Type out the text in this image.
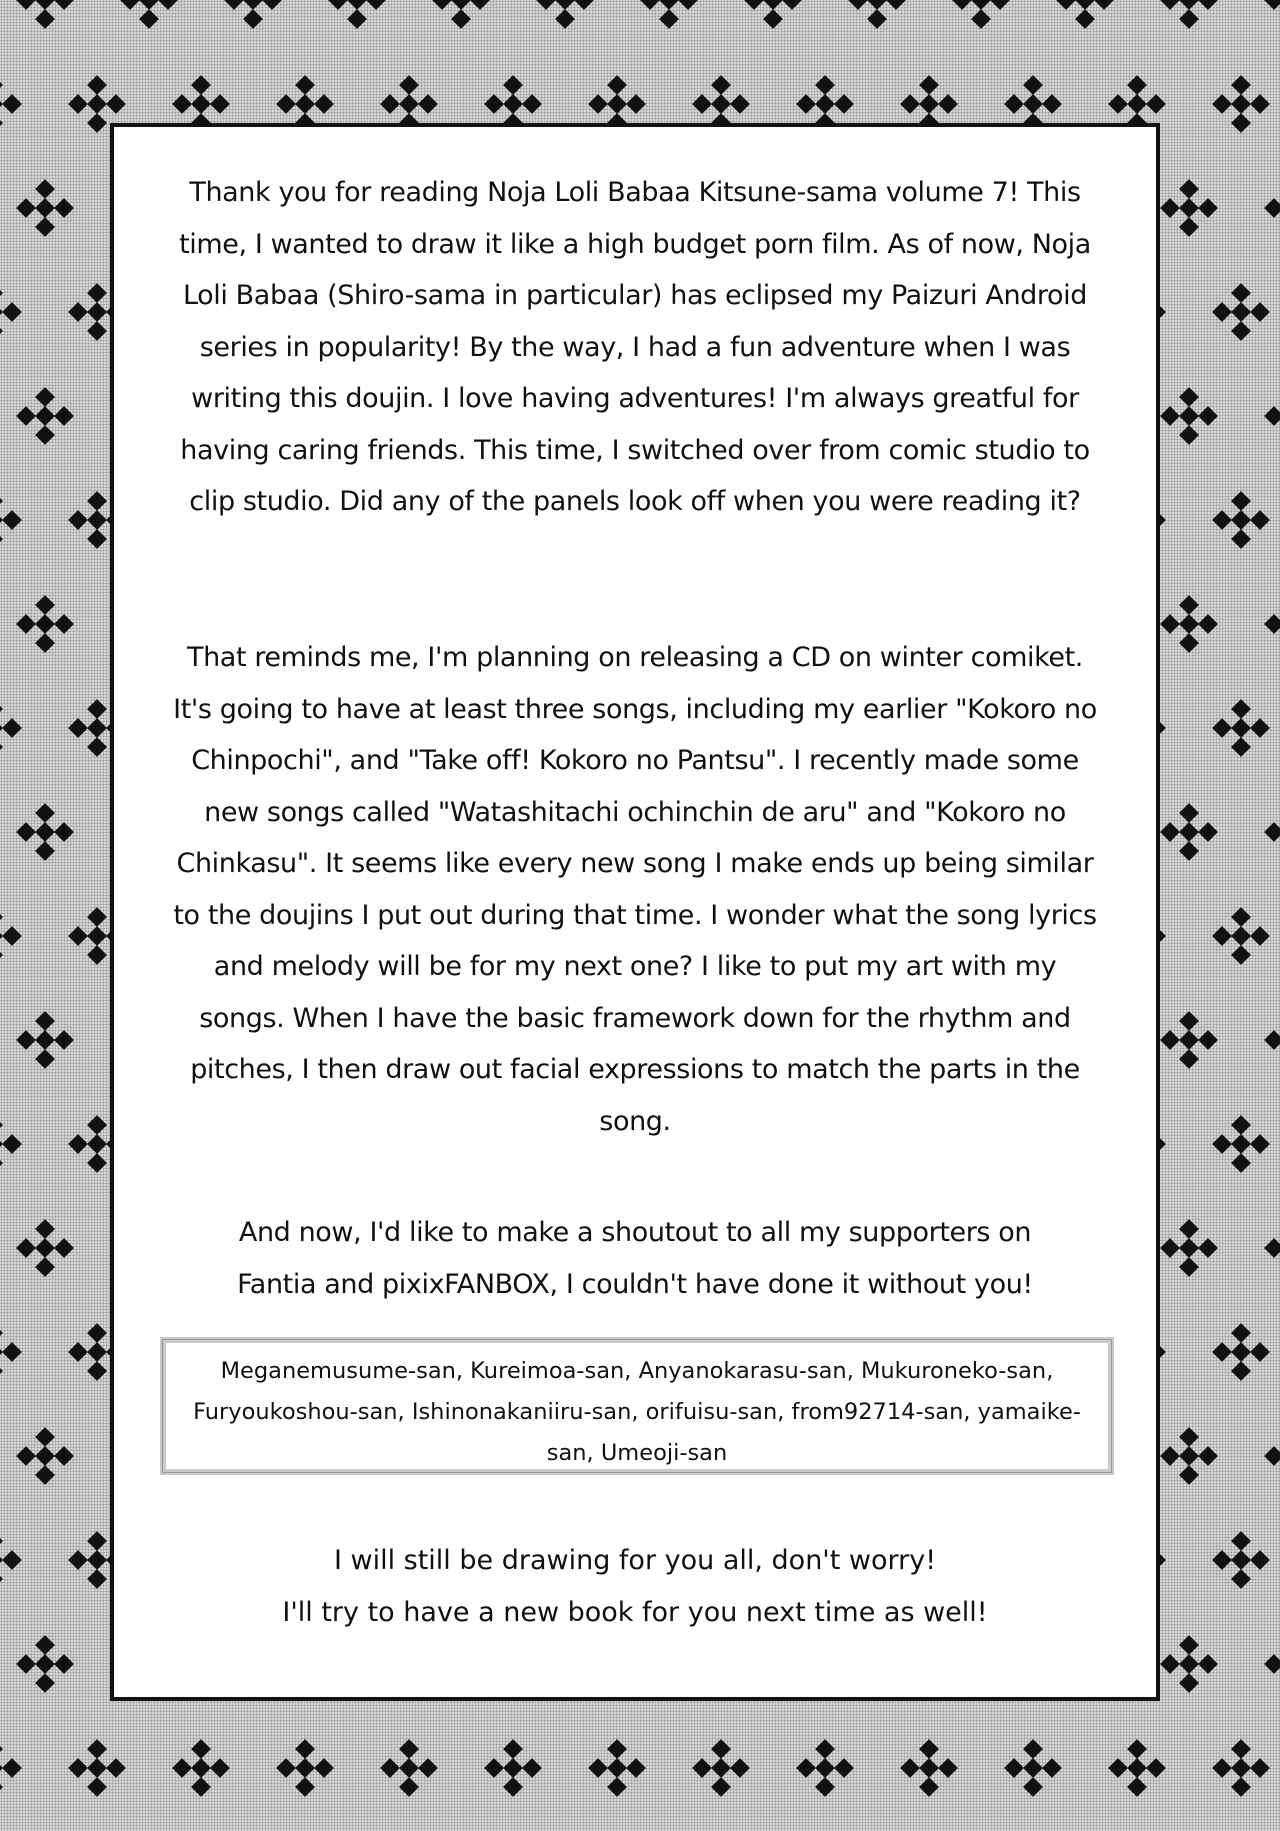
Thank you for reading Noja Loli Babaa Kitsune-sama volume 7! This time, I wanted to draw it like a high budget porn film. As of now, Noja Loli Babaa (Shiro-sama in particular) has eclipsed my Paizuri Android series in popularity! By the way, I had a fun adventure when I was writing this doujin. I love having adventures! I'm always greatful for having caring friends. This time, I switched over from comic studio to clip studio. Did any of the panels look off when you were reading it?
That reminds me, I'm planning on releasing a CD on winter comiket. It's going to have at least three songs, including my earlier "Kokoro no Chinpochi", and "Take off! Kokoro no Pantsu". I recently made some new songs called "Watashitachi ochinchin de aru" and "Kokoro no Chinkasu". It seems like every new song I make ends up being similar to the doujins I put out during that time. I wonder what the song lyrics and melody will be for my next one? I like to put my art with my songs. When I have the basic framework down for the rhythm and pitches, I then draw out facial expressions to match the parts in the song.
And now, I'd like to make a shoutout to all my supporters on Fantia and pixixFANBOX, I couldn't have done it without you!
Meganemusume-san, Kureimoa-san, Anyanokarasu-san, Mukuroneko-san, Furyoukoshou-san, Ishinonakaniiru-san, orifuisu-san, from92714-san, yamaike-san, Umeoji-san
I will still be drawing for you all, don't worry!
I'll try to have a new book for you next time as well!
